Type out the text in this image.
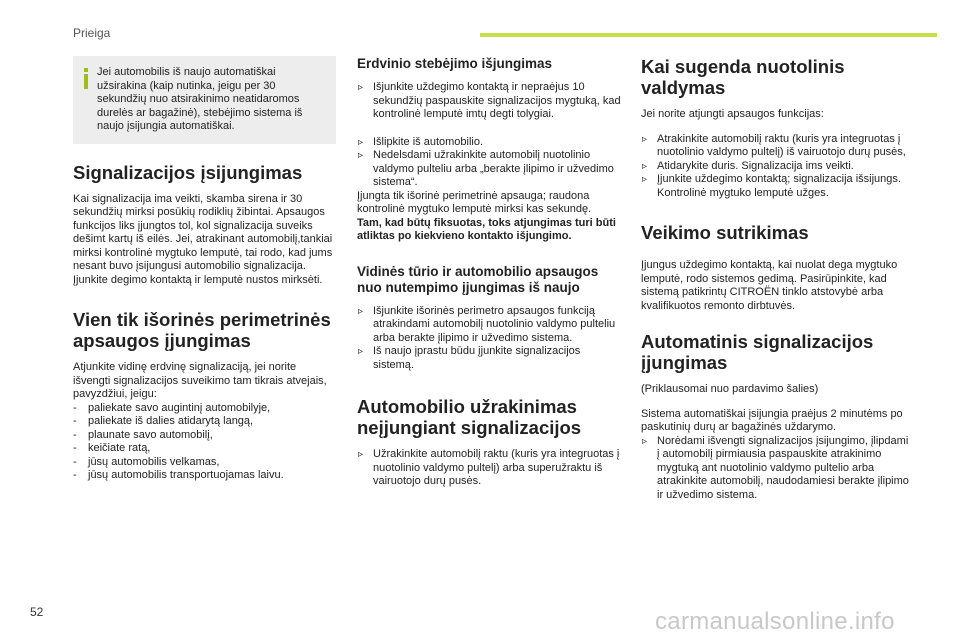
Prieiga

Jei automobilis iš naujo automatiškai užsirakina (kaip nutinka, jeigu per 30 sekundžių nuo atsirakinimo neatidaromos durelės ar bagažinė), stebėjimo sistema iš naujo įsijungia automatiškai.

Signalizacijos įsijungimas

Kai signalizacija ima veikti, skamba sirena ir 30 sekundžių mirksi posūkių rodiklių žibintai. Apsaugos funkcijos liks įjungtos tol, kol signalizacija suveiks dešimt kartų iš eilės. Jei, atrakinant automobilį,tankiai mirksi kontrolinė mygtuko lemputė, tai rodo, kad jums nesant buvo įsijungusi automobilio signalizacija. Įjunkite degimo kontaktą ir lemputė nustos mirksėti.

Vien tik išorinės perimetrinės apsaugos įjungimas

Atjunkite vidinę erdvinę signalizaciją, jei norite išvengti signalizacijos suveikimo tam tikrais atvejais, pavyzdžiui, jeigu:

- paliekate savo augintinį automobilyje,
- paliekate iš dalies atidarytą langą,
- plaunate savo automobilį,
- keičiate ratą,
- jūsų automobilis velkamas,
- jūsų automobilis transportuojamas laivu.
Erdvinio stebėjimo išjungimas
▹ Išjunkite uždegimo kontaktą ir nepraėjus 10 sekundžių paspauskite signalizacijos mygtuką, kad kontrolinė lemputė imtų degti tolygiai.
▹ Išlipkite iš automobilio.
▹ Nedelsdami užrakinkite automobilį nuotolinio valdymo pulteliu arba „berakte įlipimo ir užvedimo sistema“.

Įjungta tik išorinė perimetrinė apsauga; raudona kontrolinė mygtuko lemputė mirksi kas sekundę.

Tam, kad būtų fiksuotas, toks atjungimas turi būti atliktas po kiekvieno kontakto išjungimo.

Vidinės tūrio ir automobilio apsaugos nuo nutempimo įjungimas iš naujo
▹ Išjunkite išorinės perimetro apsaugos funkciją atrakindami automobilį nuotolinio valdymo pulteliu arba berakte įlipimo ir užvedimo sistema.
▹ Iš naujo įprastu būdu įjunkite signalizacijos sistemą.
Automobilio užrakinimas neįjungiant signalizacijos
▹ Užrakinkite automobilį raktu (kuris yra integruotas į nuotolinio valdymo pultelį) arba superužraktu iš vairuotojo durų pusės.
Kai sugenda nuotolinis valdymas

Jei norite atjungti apsaugos funkcijas:

▹ Atrakinkite automobilį raktu (kuris yra integruotas į nuotolinio valdymo pultelį) iš vairuotojo durų pusės,
▹ Atidarykite duris. Signalizacija ims veikti.
▹ Įjunkite uždegimo kontaktą; signalizacija išsijungs. Kontrolinė mygtuko lemputė užges.
Veikimo sutrikimas

Įjungus uždegimo kontaktą, kai nuolat dega mygtuko lemputė, rodo sistemos gedimą. Pasirūpinkite, kad sistemą patikrintų CITROËN tinklo atstovybė arba kvalifikuotos remonto dirbtuvės.

Automatinis signalizacijos įjungimas

(Priklausomai nuo pardavimo šalies)

Sistema automatiškai įsijungia praėjus 2 minutėms po paskutinių durų ar bagažinės uždarymo.

▹ Norėdami išvengti signalizacijos įsijungimo, įlipdami į automobilį pirmiausia paspauskite atrakinimo mygtuką ant nuotolinio valdymo pultelio arba atrakinkite automobilį, naudodamiesi berakte įlipimo ir užvedimo sistema.
52	carmanualsonline.info
